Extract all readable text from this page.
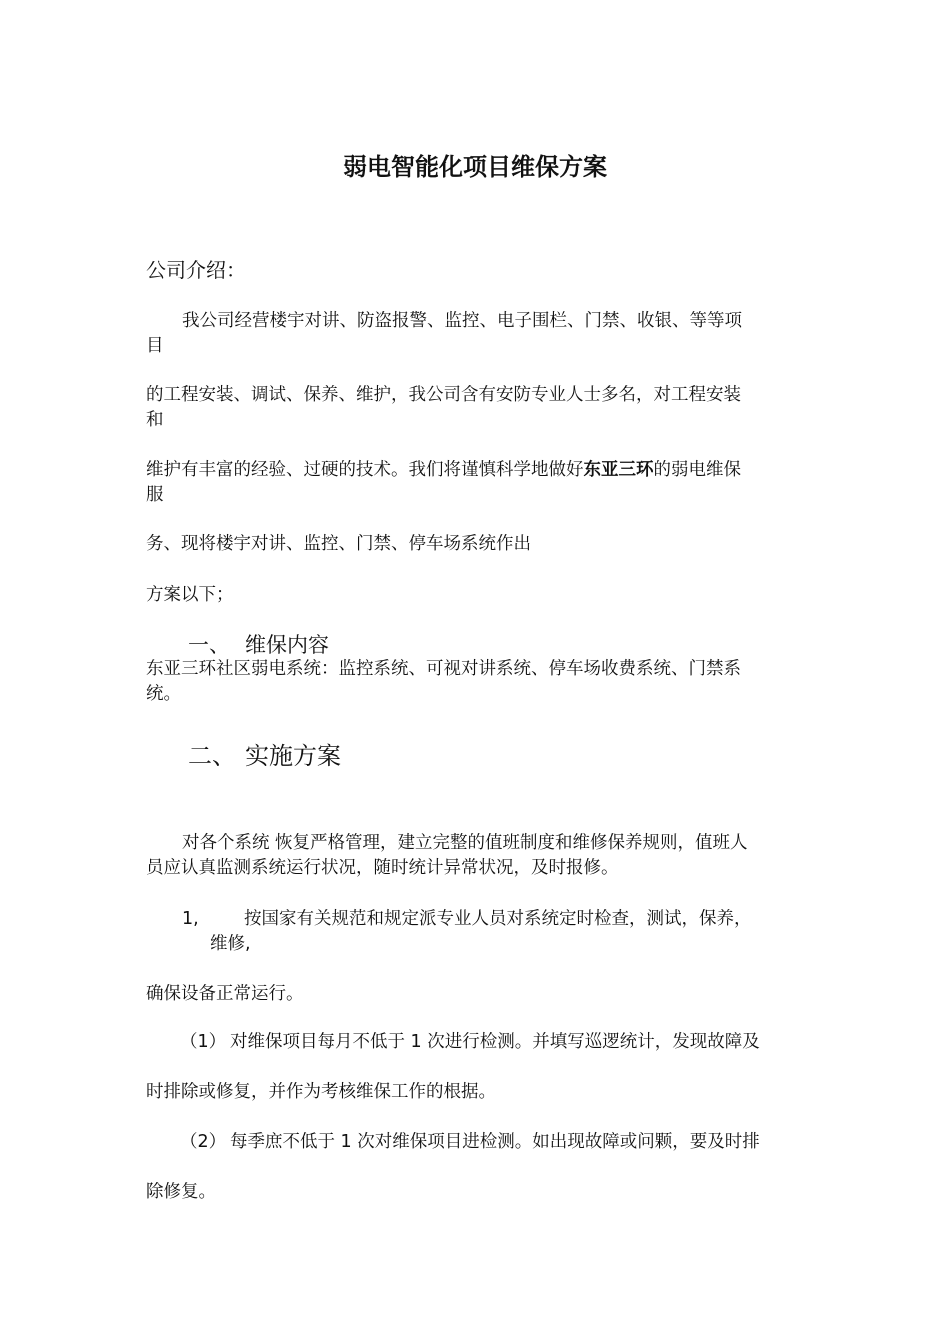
弱电智能化项目维保方案
公司介绍：
我公司经营楼宇对讲、防盗报警、监控、电子围栏、门禁、收银、等等项
目
的工程安装、调试、保养、维护，我公司含有安防专业人士多名，对工程安装
和
维护有丰富的经验、过硬的技术。我们将谨慎科学地做好东亚三环的弱电维保
服
务、现将楼宇对讲、监控、门禁、停车场系统作出
方案以下；
一、 维保内容
东亚三环社区弱电系统：监控系统、可视对讲系统、停车场收费系统、门禁系
统。
二、 实施方案
对各个系统 恢复严格管理，建立完整的值班制度和维修保养规则，值班人
员应认真监测系统运行状况，随时统计异常状况，及时报修。
1,	按国家有关规范和规定派专业人员对系统定时检查，测试，保养，
维修,
确保设备正常运行。
（1） 对维保项目每月不低于 1 次进行检测。并填写巡逻统计，发现故障及
时排除或修复，并作为考核维保工作的根据。
（2） 每季庶不低于 1 次对维保项目进检测。如出现故障或问颗，要及时排
除修复。
